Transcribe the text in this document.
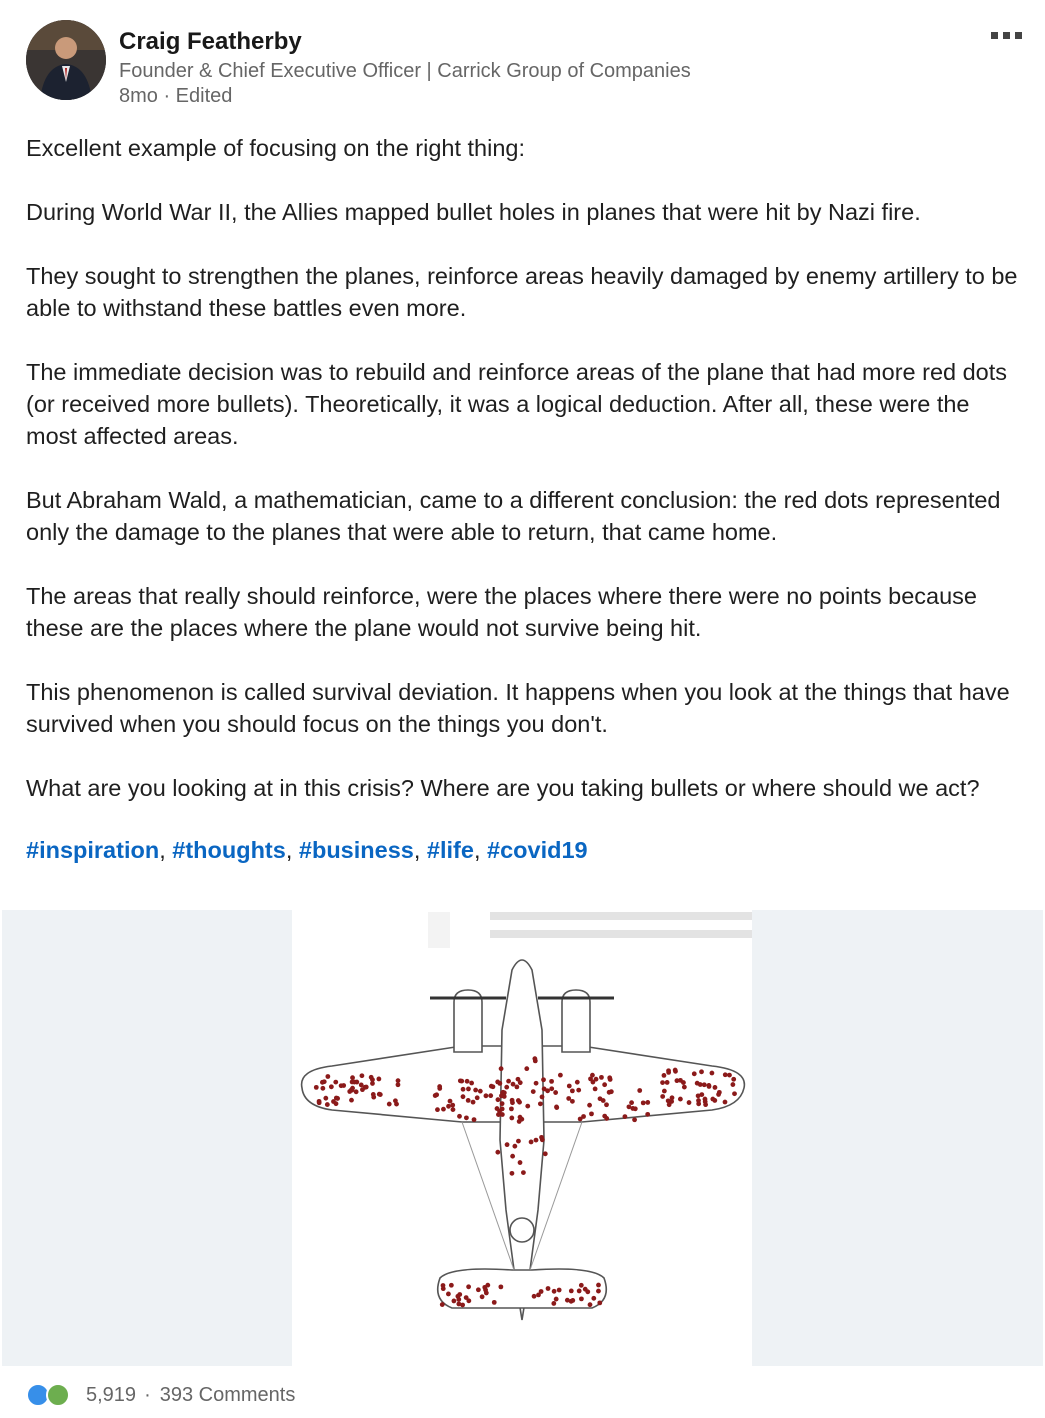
Craig Featherby
Founder & Chief Executive Officer | Carrick Group of Companies
8mo · Edited

Excellent example of focusing on the right thing:

During World War II, the Allies mapped bullet holes in planes that were hit by Nazi fire.

They sought to strengthen the planes, reinforce areas heavily damaged by enemy artillery to be able to withstand these battles even more.

The immediate decision was to rebuild and reinforce areas of the plane that had more red dots (or received more bullets). Theoretically, it was a logical deduction. After all, these were the most affected areas.

But Abraham Wald, a mathematician, came to a different conclusion: the red dots represented only the damage to the planes that were able to return, that came home.

The areas that really should reinforce, were the places where there were no points because these are the places where the plane would not survive being hit.

This phenomenon is called survival deviation. It happens when you look at the things that have survived when you should focus on the things you don't.

What are you looking at in this crisis? Where are you taking bullets or where should we act?

#inspiration, #thoughts, #business, #life, #covid19
5,919 · 393 Comments
